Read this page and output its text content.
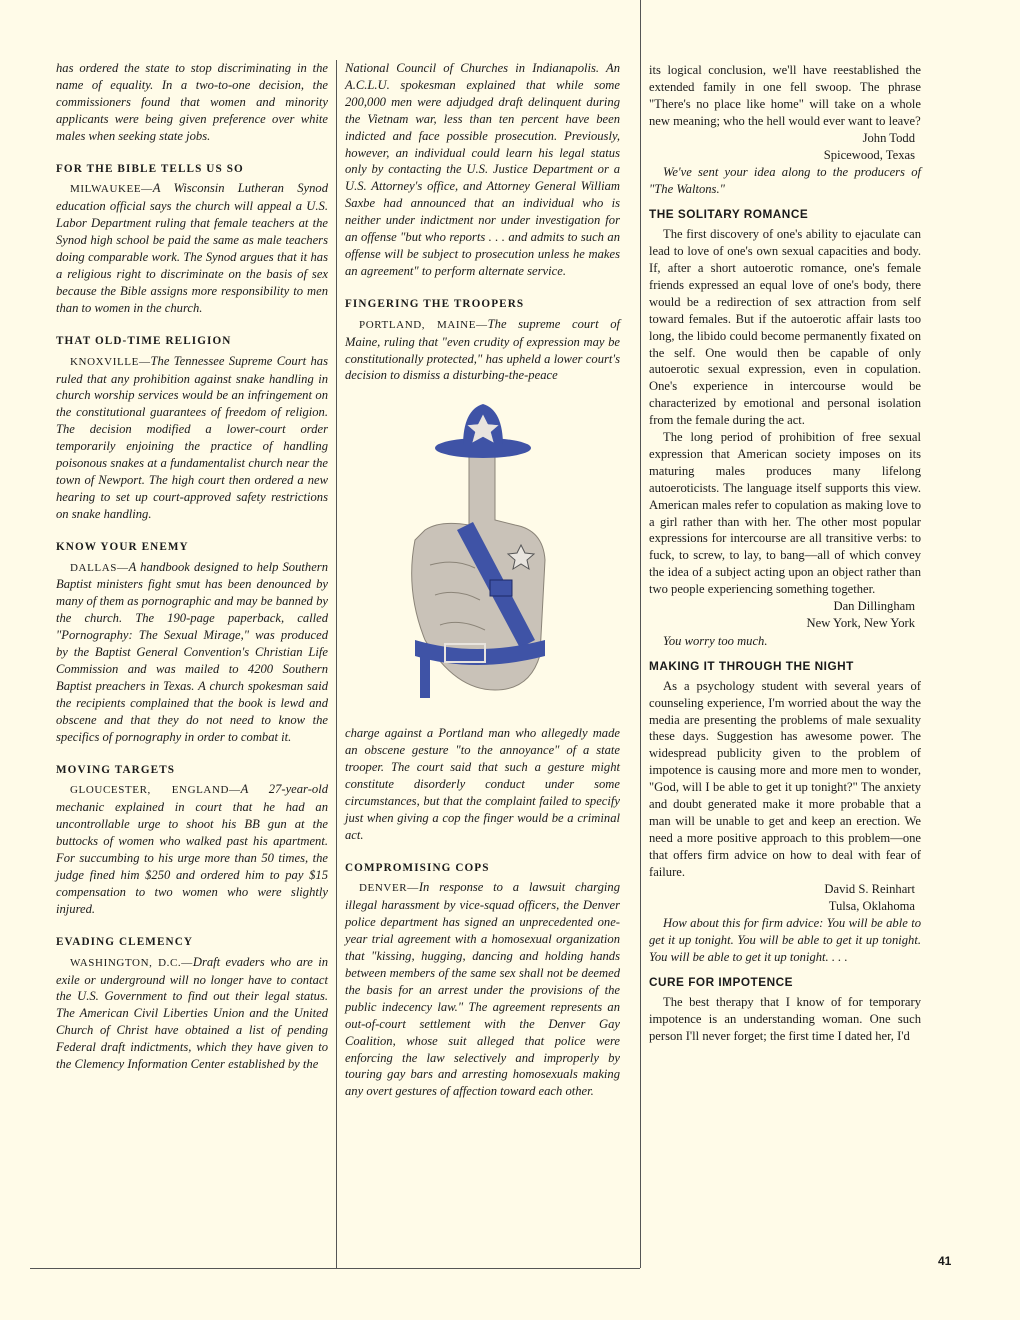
has ordered the state to stop discriminating in the name of equality. In a two-to-one decision, the commissioners found that women and minority applicants were being given preference over white males when seeking state jobs.

FOR THE BIBLE TELLS US SO

MILWAUKEE—A Wisconsin Lutheran Synod education official says the church will appeal a U.S. Labor Department ruling that female teachers at the Synod high school be paid the same as male teachers doing comparable work. The Synod argues that it has a religious right to discriminate on the basis of sex because the Bible assigns more responsibility to men than to women in the church.

THAT OLD-TIME RELIGION

KNOXVILLE—The Tennessee Supreme Court has ruled that any prohibition against snake handling in church worship services would be an infringement on the constitutional guarantees of freedom of religion. The decision modified a lower-court order temporarily enjoining the practice of handling poisonous snakes at a fundamentalist church near the town of Newport. The high court then ordered a new hearing to set up court-approved safety restrictions on snake handling.

KNOW YOUR ENEMY

DALLAS—A handbook designed to help Southern Baptist ministers fight smut has been denounced by many of them as pornographic and may be banned by the church. The 190-page paperback, called "Pornography: The Sexual Mirage," was produced by the Baptist General Convention's Christian Life Commission and was mailed to 4200 Southern Baptist preachers in Texas. A church spokesman said the recipients complained that the book is lewd and obscene and that they do not need to know the specifics of pornography in order to combat it.

MOVING TARGETS

GLOUCESTER, ENGLAND—A 27-year-old mechanic explained in court that he had an uncontrollable urge to shoot his BB gun at the buttocks of women who walked past his apartment. For succumbing to his urge more than 50 times, the judge fined him $250 and ordered him to pay $15 compensation to two women who were slightly injured.

EVADING CLEMENCY

WASHINGTON, D.C.—Draft evaders who are in exile or underground will no longer have to contact the U.S. Government to find out their legal status. The American Civil Liberties Union and the United Church of Christ have obtained a list of pending Federal draft indictments, which they have given to the Clemency Information Center established by the

National Council of Churches in Indianapolis. An A.C.L.U. spokesman explained that while some 200,000 men were adjudged draft delinquent during the Vietnam war, less than ten percent have been indicted and face possible prosecution. Previously, however, an individual could learn his legal status only by contacting the U.S. Justice Department or a U.S. Attorney's office, and Attorney General William Saxbe had announced that an individual who is neither under indictment nor under investigation for an offense "but who reports . . . and admits to such an offense will be subject to prosecution unless he makes an agreement" to perform alternate service.

FINGERING THE TROOPERS

PORTLAND, MAINE—The supreme court of Maine, ruling that "even crudity of expression may be constitutionally protected," has upheld a lower court's decision to dismiss a disturbing-the-peace

charge against a Portland man who allegedly made an obscene gesture "to the annoyance" of a state trooper. The court said that such a gesture might constitute disorderly conduct under some circumstances, but that the complaint failed to specify just when giving a cop the finger would be a criminal act.

COMPROMISING COPS

DENVER—In response to a lawsuit charging illegal harassment by vice-squad officers, the Denver police department has signed an unprecedented one-year trial agreement with a homosexual organization that "kissing, hugging, dancing and holding hands between members of the same sex shall not be deemed the basis for an arrest under the provisions of the public indecency law." The agreement represents an out-of-court settlement with the Denver Gay Coalition, whose suit alleged that police were enforcing the law selectively and improperly by touring gay bars and arresting homosexuals making any overt gestures of affection toward each other.

its logical conclusion, we'll have reestablished the extended family in one fell swoop. The phrase "There's no place like home" will take on a whole new meaning; who the hell would ever want to leave?

John Todd
Spicewood, Texas

We've sent your idea along to the producers of "The Waltons."

THE SOLITARY ROMANCE

The first discovery of one's ability to ejaculate can lead to love of one's own sexual capacities and body. If, after a short autoerotic romance, one's female friends expressed an equal love of one's body, there would be a redirection of sex attraction from self toward females. But if the autoerotic affair lasts too long, the libido could become permanently fixated on the self. One would then be capable of only autoerotic sexual expression, even in copulation. One's experience in intercourse would be characterized by emotional and personal isolation from the female during the act.

The long period of prohibition of free sexual expression that American society imposes on its maturing males produces many lifelong autoeroticists. The language itself supports this view. American males refer to copulation as making love to a girl rather than with her. The other most popular expressions for intercourse are all transitive verbs: to fuck, to screw, to lay, to bang—all of which convey the idea of a subject acting upon an object rather than two people experiencing something together.

Dan Dillingham
New York, New York

You worry too much.

MAKING IT THROUGH THE NIGHT

As a psychology student with several years of counseling experience, I'm worried about the way the media are presenting the problems of male sexuality these days. Suggestion has awesome power. The widespread publicity given to the problem of impotence is causing more and more men to wonder, "God, will I be able to get it up tonight?" The anxiety and doubt generated make it more probable that a man will be unable to get and keep an erection. We need a more positive approach to this problem—one that offers firm advice on how to deal with fear of failure.

David S. Reinhart
Tulsa, Oklahoma

How about this for firm advice: You will be able to get it up tonight. You will be able to get it up tonight. You will be able to get it up tonight. . . .

CURE FOR IMPOTENCE

The best therapy that I know of for temporary impotence is an understanding woman. One such person I'll never forget; the first time I dated her, I'd

41
